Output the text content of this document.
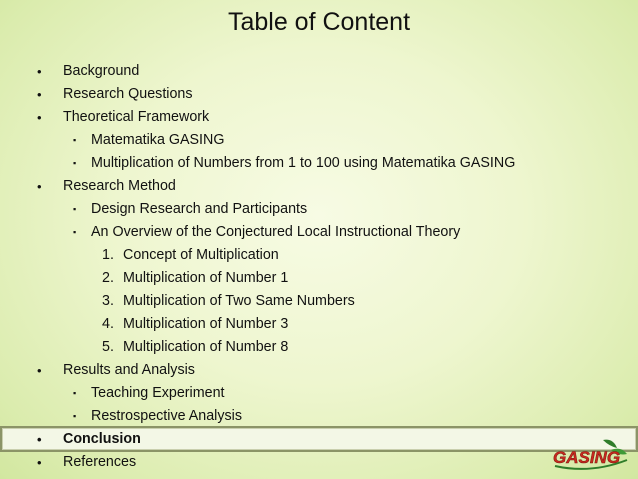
Table of Content
• Background
• Research Questions
• Theoretical Framework
▪ Matematika GASING
▪ Multiplication of Numbers from 1 to 100 using Matematika GASING
• Research Method
▪ Design Research and Participants
▪ An Overview of the Conjectured Local Instructional Theory
1. Concept of Multiplication
2. Multiplication of Number 1
3. Multiplication of Two Same Numbers
4. Multiplication of Number 3
5. Multiplication of Number 8
• Results and Analysis
▪ Teaching Experiment
▪ Restrospective Analysis
• Conclusion
• References	GASING
